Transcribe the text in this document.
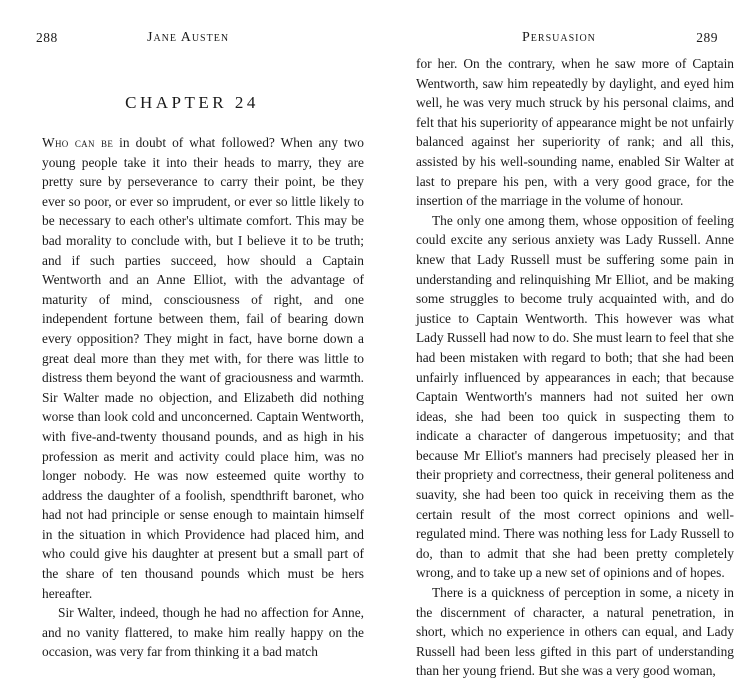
288	Jane Austen
CHAPTER 24

Who can be in doubt of what followed? When any two young people take it into their heads to marry, they are pretty sure by perseverance to carry their point, be they ever so poor, or ever so imprudent, or ever so little likely to be necessary to each other's ultimate comfort. This may be bad morality to conclude with, but I believe it to be truth; and if such parties succeed, how should a Captain Wentworth and an Anne Elliot, with the advantage of maturity of mind, consciousness of right, and one independent fortune between them, fail of bearing down every opposition? They might in fact, have borne down a great deal more than they met with, for there was little to distress them beyond the want of graciousness and warmth. Sir Walter made no objection, and Elizabeth did nothing worse than look cold and unconcerned. Captain Wentworth, with five-and-twenty thousand pounds, and as high in his profession as merit and activity could place him, was no longer nobody. He was now esteemed quite worthy to address the daughter of a foolish, spendthrift baronet, who had not had principle or sense enough to maintain himself in the situation in which Providence had placed him, and who could give his daughter at present but a small part of the share of ten thousand pounds which must be hers hereafter.

Sir Walter, indeed, though he had no affection for Anne, and no vanity flattered, to make him really happy on the occasion, was very far from thinking it a bad match

Persuasion	289

for her. On the contrary, when he saw more of Captain Wentworth, saw him repeatedly by daylight, and eyed him well, he was very much struck by his personal claims, and felt that his superiority of appearance might be not unfairly balanced against her superiority of rank; and all this, assisted by his well-sounding name, enabled Sir Walter at last to prepare his pen, with a very good grace, for the insertion of the marriage in the volume of honour.

The only one among them, whose opposition of feeling could excite any serious anxiety was Lady Russell. Anne knew that Lady Russell must be suffering some pain in understanding and relinquishing Mr Elliot, and be making some struggles to become truly acquainted with, and do justice to Captain Wentworth. This however was what Lady Russell had now to do. She must learn to feel that she had been mistaken with regard to both; that she had been unfairly influenced by appearances in each; that because Captain Wentworth's manners had not suited her own ideas, she had been too quick in suspecting them to indicate a character of dangerous impetuosity; and that because Mr Elliot's manners had precisely pleased her in their propriety and correctness, their general politeness and suavity, she had been too quick in receiving them as the certain result of the most correct opinions and well-regulated mind. There was nothing less for Lady Russell to do, than to admit that she had been pretty completely wrong, and to take up a new set of opinions and of hopes.

There is a quickness of perception in some, a nicety in the discernment of character, a natural penetration, in short, which no experience in others can equal, and Lady Russell had been less gifted in this part of understanding than her young friend. But she was a very good woman,
